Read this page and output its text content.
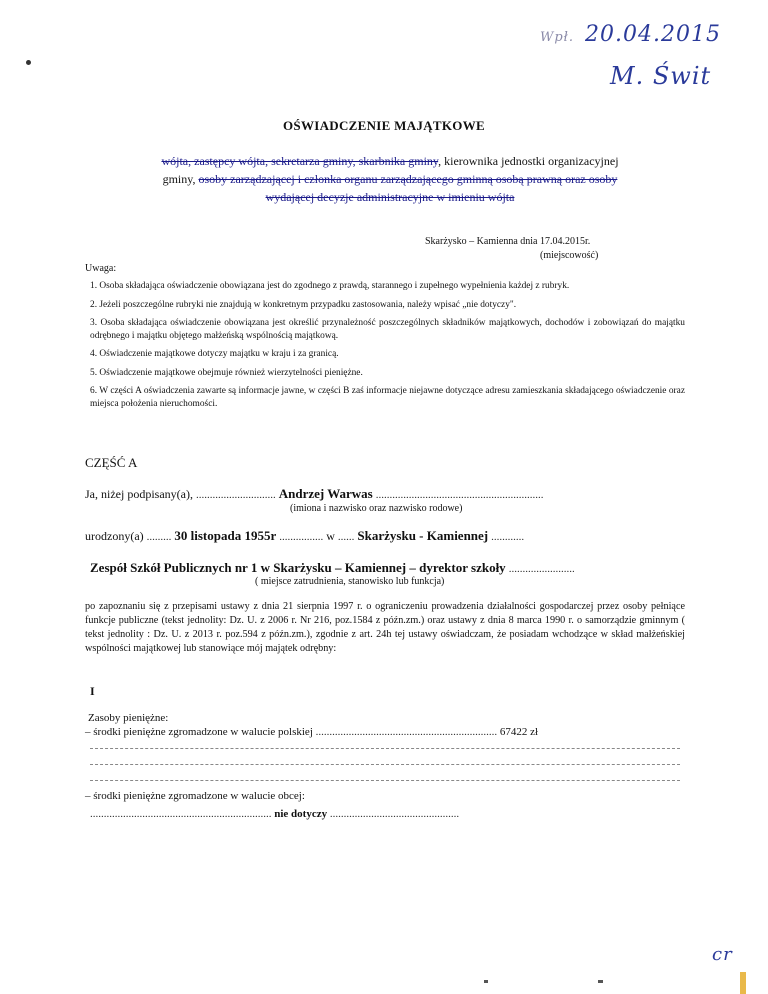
Wpł. 20.04.2015
M. Świt
cr
OŚWIADCZENIE MAJĄTKOWE
wójta, zastępcy wójta, sekretarza gminy, skarbnika gminy, kierownika jednostki organizacyjnej
gminy, osoby zarządzającej i członka organu zarządzającego gminną osobą prawną oraz osoby
wydającej decyzje administracyjne w imieniu wójta
Skarżysko – Kamienna dnia 17.04.2015r.
(miejscowość)
Uwaga:

1. Osoba składająca oświadczenie obowiązana jest do zgodnego z prawdą, starannego i zupełnego wypełnienia każdej z rubryk.

2. Jeżeli poszczególne rubryki nie znajdują w konkretnym przypadku zastosowania, należy wpisać „nie dotyczy".

3. Osoba składająca oświadczenie obowiązana jest określić przynależność poszczególnych składników majątkowych, dochodów i zobowiązań do majątku odrębnego i majątku objętego małżeńską wspólnością majątkową.

4. Oświadczenie majątkowe dotyczy majątku w kraju i za granicą.

5. Oświadczenie majątkowe obejmuje również wierzytelności pieniężne.

6. W części A oświadczenia zawarte są informacje jawne, w części B zaś informacje niejawne dotyczące adresu zamieszkania składającego oświadczenie oraz miejsca położenia nieruchomości.

CZĘŚĆ A
Ja, niżej podpisany(a), ............................. Andrzej Warwas .............................................................
(imiona i nazwisko oraz nazwisko rodowe)
urodzony(a) ......... 30 listopada 1955r ................ w ...... Skarżysku - Kamiennej ............
Zespół Szkół Publicznych nr 1 w Skarżysku – Kamiennej – dyrektor szkoły ........................
( miejsce zatrudnienia, stanowisko lub funkcja)
po zapoznaniu się z przepisami ustawy z dnia 21 sierpnia 1997 r. o ograniczeniu prowadzenia działalności gospodarczej przez osoby pełniące funkcje publiczne (tekst jednolity: Dz. U. z 2006 r. Nr 216, poz.1584 z późn.zm.) oraz ustawy z dnia 8 marca 1990 r. o samorządzie gminnym ( tekst jednolity : Dz. U. z 2013 r. poz.594 z późn.zm.), zgodnie z art. 24h tej ustawy oświadczam, że posiadam wchodzące w skład małżeńskiej wspólności majątkowej lub stanowiące mój majątek odrębny:
I
Zasoby pieniężne:
– środki pieniężne zgromadzone w walucie polskiej .................................................................. 67422 zł
– środki pieniężne zgromadzone w walucie obcej:
.................................................................. nie dotyczy ...............................................
